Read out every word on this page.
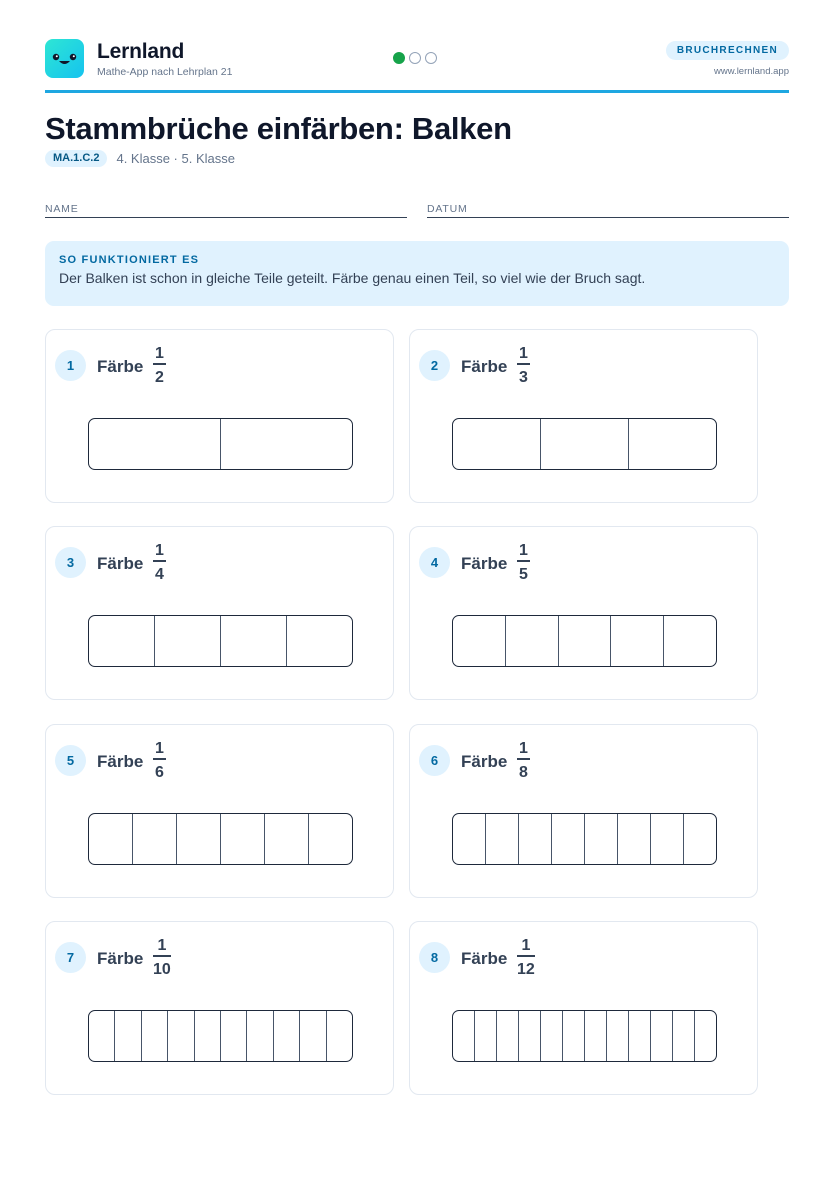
Lernland
Mathe-App nach Lehrplan 21
BRUCHRECHNEN
www.lernland.app
Stammbrüche einfärben: Balken
MA.1.C.2	4. Klasse · 5. Klasse
NAME	DATUM
SO FUNKTIONIERT ES
Der Balken ist schon in gleiche Teile geteilt. Färbe genau einen Teil, so viel wie der Bruch sagt.
1	Färbe
1
2
2	Färbe
1
3
3	Färbe
1
4
4	Färbe
1
5
5	Färbe
1
6
6	Färbe
1
8
7	Färbe
1
10
8	Färbe
1
12
